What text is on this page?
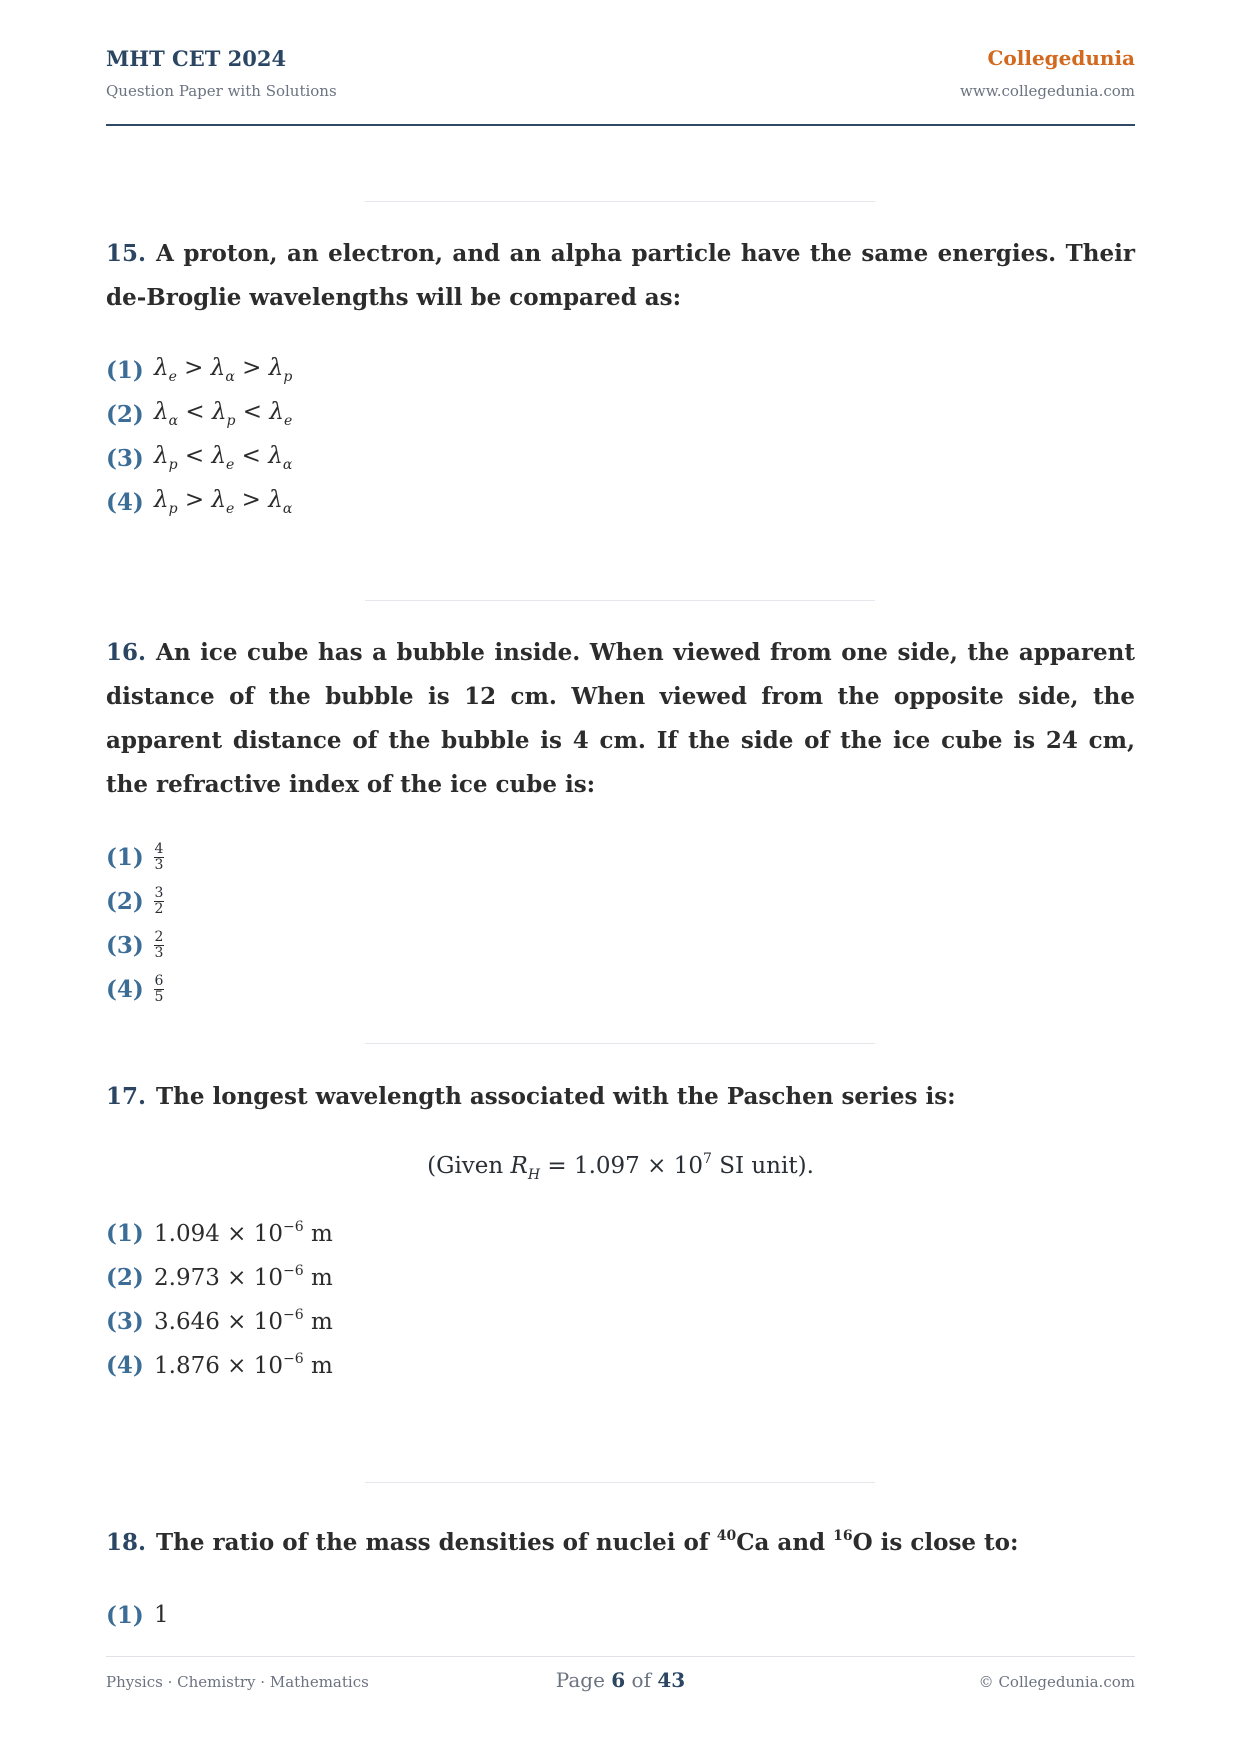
MHT CET 2024
Question Paper with Solutions
Collegedunia
www.collegedunia.com
15. A proton, an electron, and an alpha particle have the same energies. Their de-Broglie wavelengths will be compared as:
(1) $\lambda_e > \lambda_\alpha > \lambda_p$
(2) $\lambda_\alpha < \lambda_p < \lambda_e$
(3) $\lambda_p < \lambda_e < \lambda_\alpha$
(4) $\lambda_p > \lambda_e > \lambda_\alpha$
16. An ice cube has a bubble inside. When viewed from one side, the apparent distance of the bubble is 12 cm. When viewed from the opposite side, the apparent distance of the bubble is 4 cm. If the side of the ice cube is 24 cm, the refractive index of the ice cube is:
$(1) \frac{4}{3}$
$(2) \frac{3}{2}$
$(3) \frac{2}{3}$
$(4) \frac{6}{5}$
17. The longest wavelength associated with the Paschen series is:
(Given $R_H = 1.097 \times 10^7$ SI unit).
(1) $1.094 \times 10^{-6}$ m
(2) $2.973 \times 10^{-6}$ m
(3) $3.646 \times 10^{-6}$ m
(4) $1.876 \times 10^{-6}$ m
18. The ratio of the mass densities of nuclei of $^{40}$Ca and $^{16}$O is close to:
(1) 1
Physics · Chemistry · Mathematics	Page 6 of 43	© Collegedunia.com
